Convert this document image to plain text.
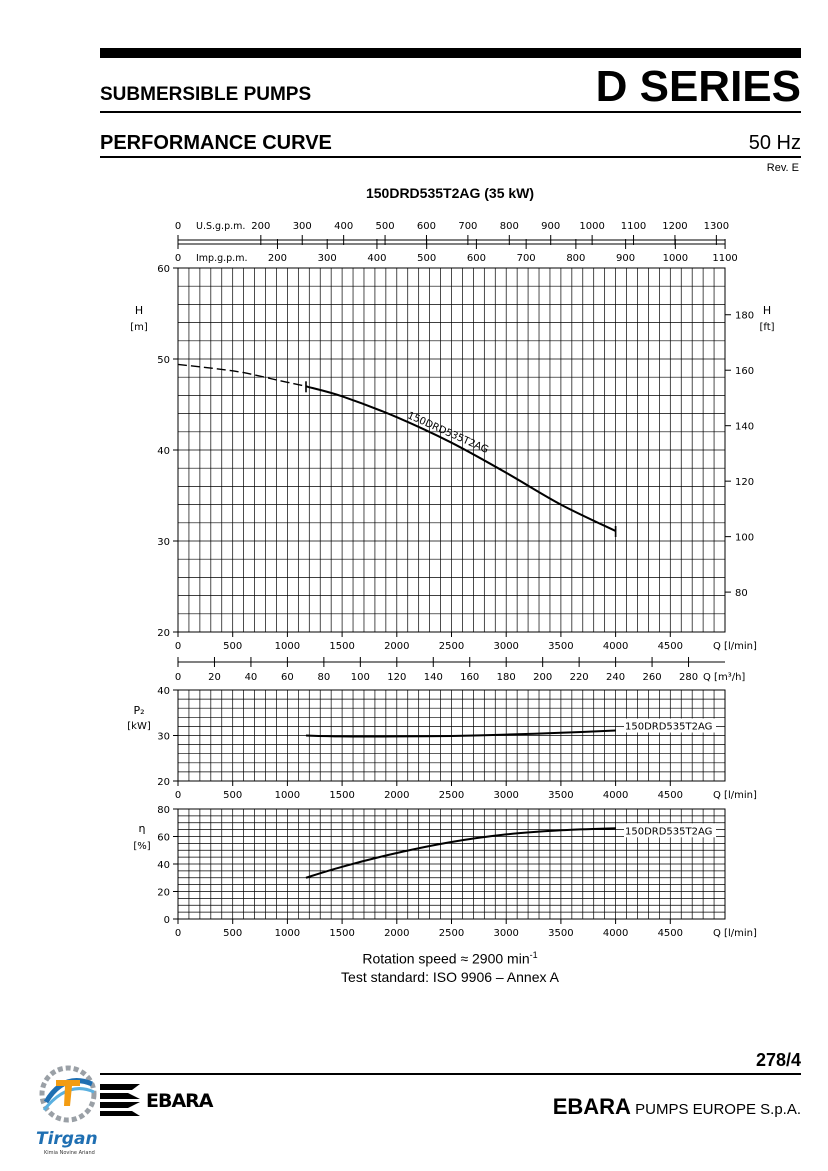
SUBMERSIBLE PUMPS	D SERIES
PERFORMANCE CURVE	50 Hz
Rev. E
150DRD535T2AG (35 kW)
20
30
40
50
60
0	500	1000	1500	2000	2500	3000	3500	4000	4500	Q [l/min]
80
100
120
140
160
180
H
[m]
H
[ft]
0	200 300 400 500 600 700 800 900 1000 1100 1200 1300
U.S.g.p.m.
0	200	300	400	500	600	700	800	900	1000 1100
Imp.g.p.m.
0	20 40 60 80 100 120 140 160 180 200 220 240 260 280 Q [m³/h]
150DRD535T2AG
20
30
40
0	500	1000	1500	2000	2500	3000	3500	4000	4500	Q [l/min]
P₂
[kW]	150DRD535T2AG
0
20
40
60
80
0	500	1000	1500	2000	2500	3000	3500	4000	4500	Q [l/min]
η
[%]
150DRD535T2AG
Rotation speed ≈ 2900 $\min^{-1}$
Test standard: ISO 9906 – Annex A
278/4
Tirgan
Kimia Novine Ariand
EBARA	EBARA PUMPS EUROPE S.p.A.
